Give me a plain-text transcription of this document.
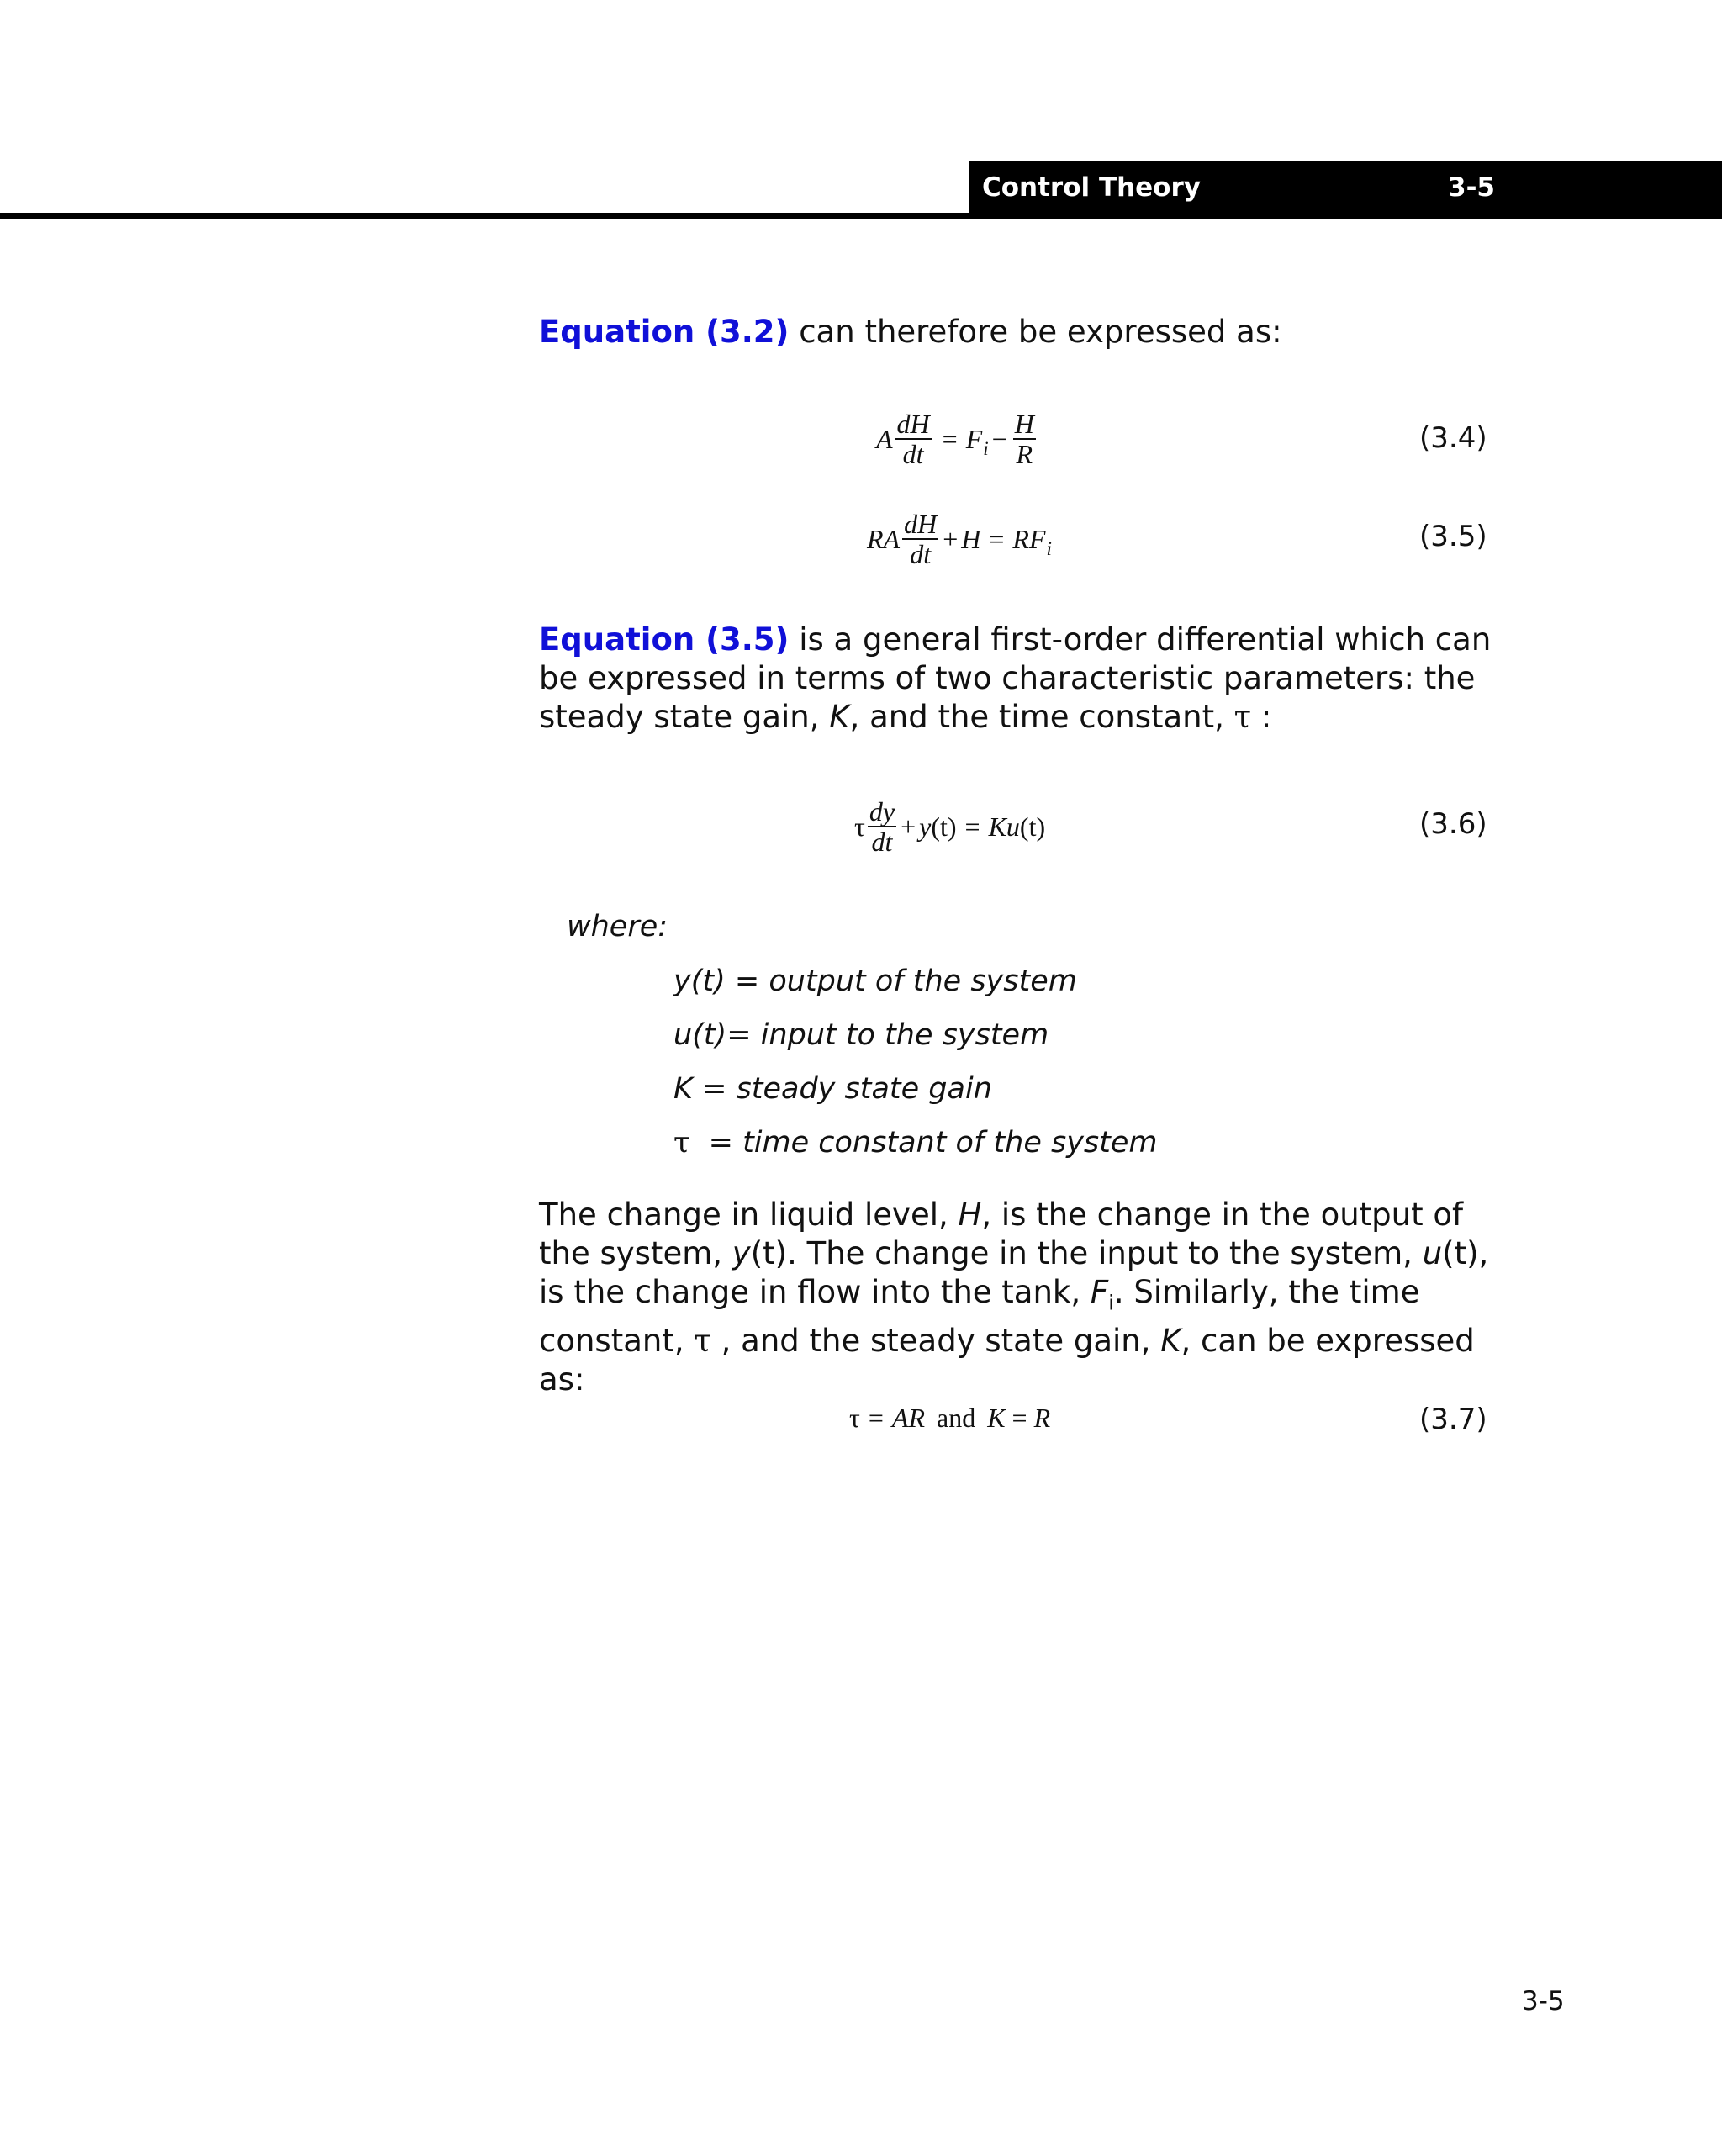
Control Theory	3-5

Equation (3.2) can therefore be expressed as:

A $\frac{dH}{dt} = F$ $i - \frac{H}{R}$	(3.4)
RA $\frac{dH}{dt} + H$ = RF i	(3.5)

Equation (3.5) is a general first-order differential which can be expressed in terms of two characteristic parameters: the steady state gain, K, and the time constant, τ :

τ $\frac{dy}{dt} + y$ (t) = Ku (t)	(3.6)
where:
y(t) = output of the system
u(t)= input to the system
K = steady state gain
τ  = time constant of the system

The change in liquid level, H, is the change in the output of the system, y(t). The change in the input to the system, u(t), is the change in flow into the tank, $F_i$. Similarly, the time constant, τ , and the steady state gain, K, can be expressed as:

τ = AR and K = R	(3.7)
3-5
